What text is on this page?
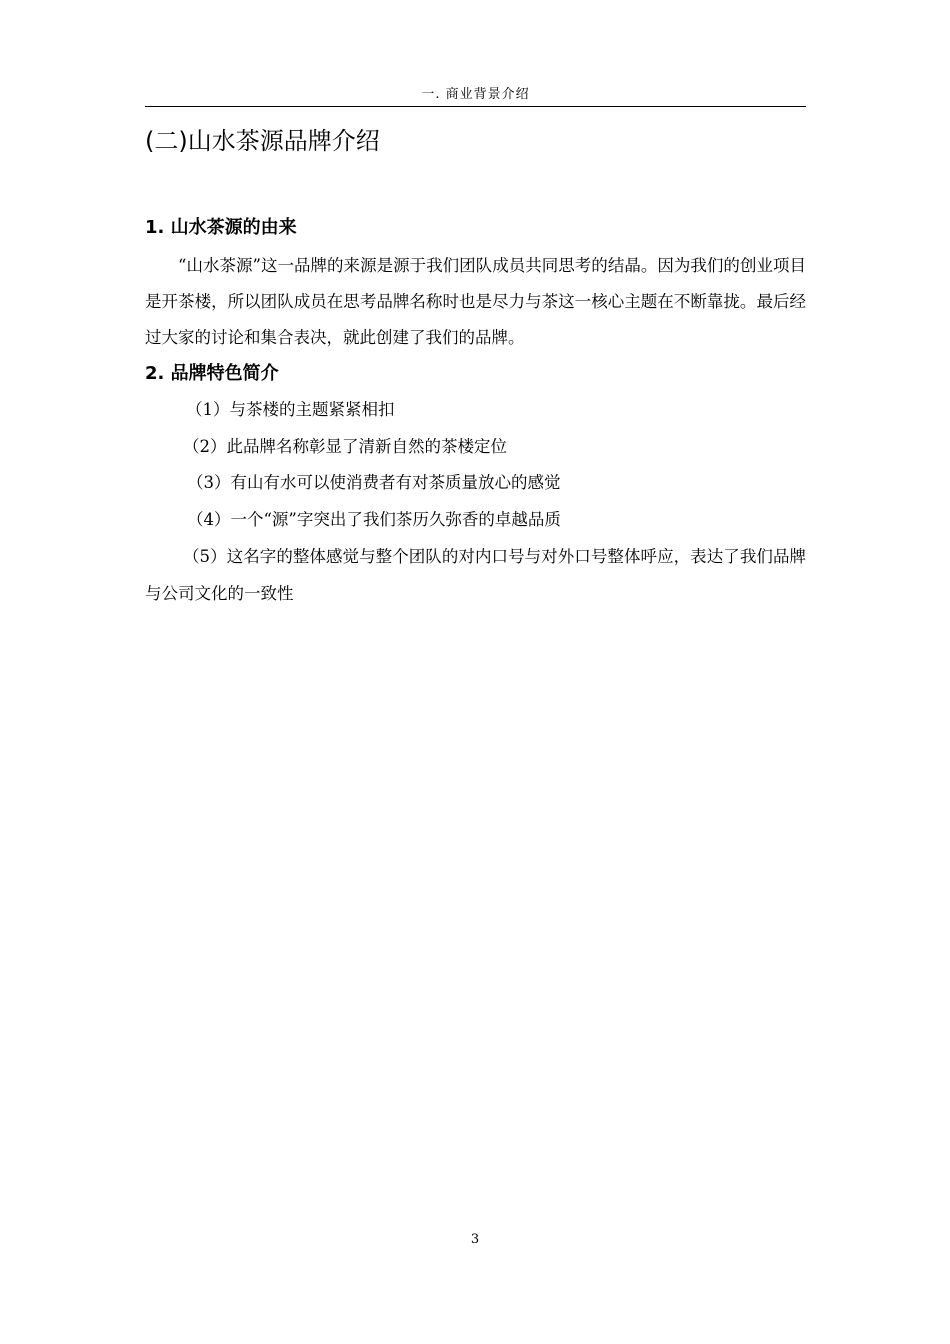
一. 商业背景介绍
(二)山水茶源品牌介绍
1. 山水茶源的由来

“山水茶源”这一品牌的来源是源于我们团队成员共同思考的结晶。因为我们的创业项目是开茶楼，所以团队成员在思考品牌名称时也是尽力与茶这一核心主题在不断靠拢。最后经过大家的讨论和集合表决，就此创建了我们的品牌。

2. 品牌特色简介
（1）与茶楼的主题紧紧相扣
（2）此品牌名称彰显了清新自然的茶楼定位
（3）有山有水可以使消费者有对茶质量放心的感觉
（4）一个“源”字突出了我们茶历久弥香的卓越品质
（5）这名字的整体感觉与整个团队的对内口号与对外口号整体呼应，表达了我们品牌与公司文化的一致性
3
